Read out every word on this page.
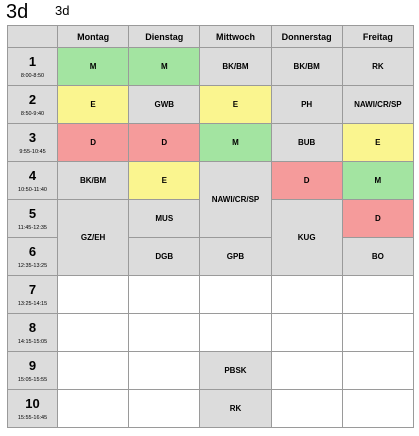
3d 3d
	Montag	Dienstag	Mittwoch	Donnerstag	Freitag

1
8:00-8:50	M	M	BK/BM	BK/BM	RK

2
8:50-9:40	E	GWB	E	PH	NAWI/CR/SP

3
9:55-10:45	D	D	M	BUB	E

4
10:50-11:40	BK/BM	E	NAWI/CR/SP	D	M

5
11:45-12:35	GZ/EH	MUS		KUG	D

6
12:35-13:25		DGB	GPB		BO

7
13:25-14:15					

8
14:15-15:05					

9
15:05-15:55			PBSK		

10
15:55-16:45			RK		
